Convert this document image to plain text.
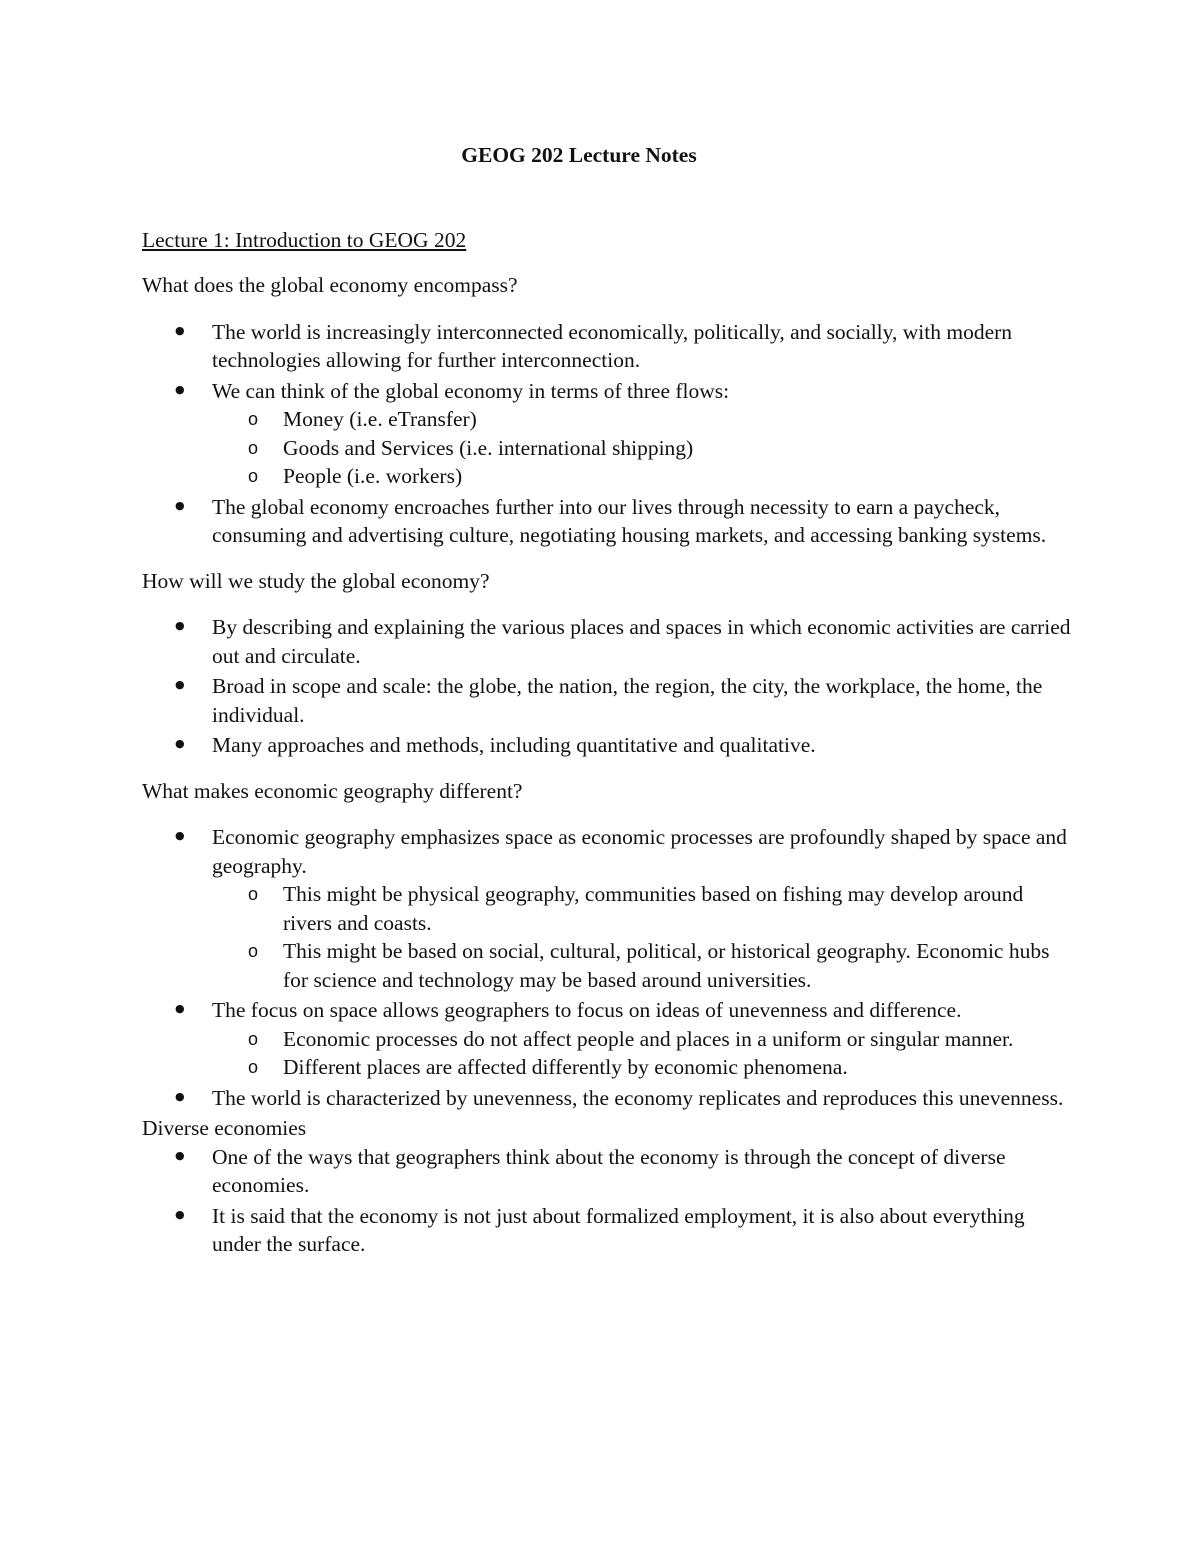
GEOG 202 Lecture Notes
Lecture 1: Introduction to GEOG 202
What does the global economy encompass?
● The world is increasingly interconnected economically, politically, and socially, with modern technologies allowing for further interconnection.
● We can think of the global economy in terms of three flows:
o Money (i.e. eTransfer)
o Goods and Services (i.e. international shipping)
o People (i.e. workers)
● The global economy encroaches further into our lives through necessity to earn a paycheck, consuming and advertising culture, negotiating housing markets, and accessing banking systems.
How will we study the global economy?
● By describing and explaining the various places and spaces in which economic activities are carried out and circulate.
● Broad in scope and scale: the globe, the nation, the region, the city, the workplace, the home, the individual.
● Many approaches and methods, including quantitative and qualitative.
What makes economic geography different?
● Economic geography emphasizes space as economic processes are profoundly shaped by space and geography.
o This might be physical geography, communities based on fishing may develop around rivers and coasts.
o This might be based on social, cultural, political, or historical geography. Economic hubs for science and technology may be based around universities.
● The focus on space allows geographers to focus on ideas of unevenness and difference.
o Economic processes do not affect people and places in a uniform or singular manner.
o Different places are affected differently by economic phenomena.
● The world is characterized by unevenness, the economy replicates and reproduces this unevenness.
Diverse economies
● One of the ways that geographers think about the economy is through the concept of diverse economies.
● It is said that the economy is not just about formalized employment, it is also about everything under the surface.
